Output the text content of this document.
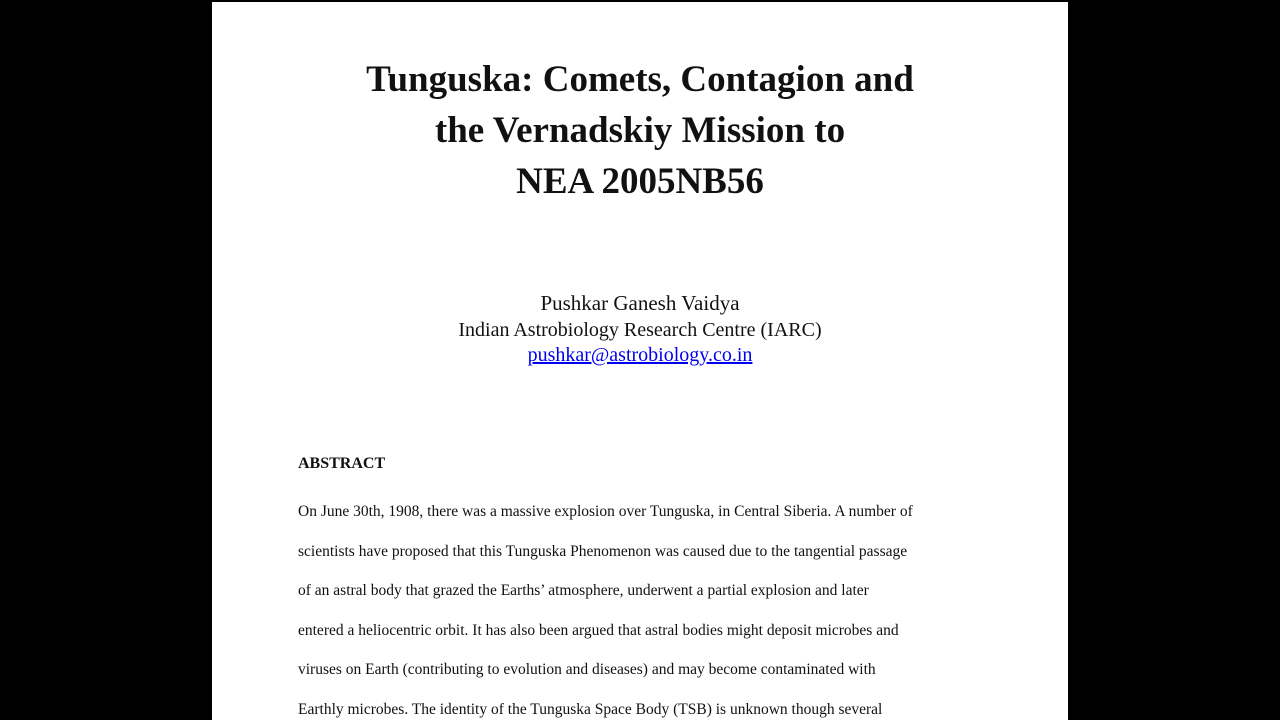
Tunguska: Comets, Contagion and
the Vernadskiy Mission to
NEA 2005NB56
Pushkar Ganesh Vaidya
Indian Astrobiology Research Centre (IARC)
pushkar@astrobiology.co.in
ABSTRACT

On June 30th, 1908, there was a massive explosion over Tunguska, in Central Siberia. A number of
scientists have proposed that this Tunguska Phenomenon was caused due to the tangential passage
of an astral body that grazed the Earths’ atmosphere, underwent a partial explosion and later
entered a heliocentric orbit. It has also been argued that astral bodies might deposit microbes and
viruses on Earth (contributing to evolution and diseases) and may become contaminated with
Earthly microbes. The identity of the Tunguska Space Body (TSB) is unknown though several
